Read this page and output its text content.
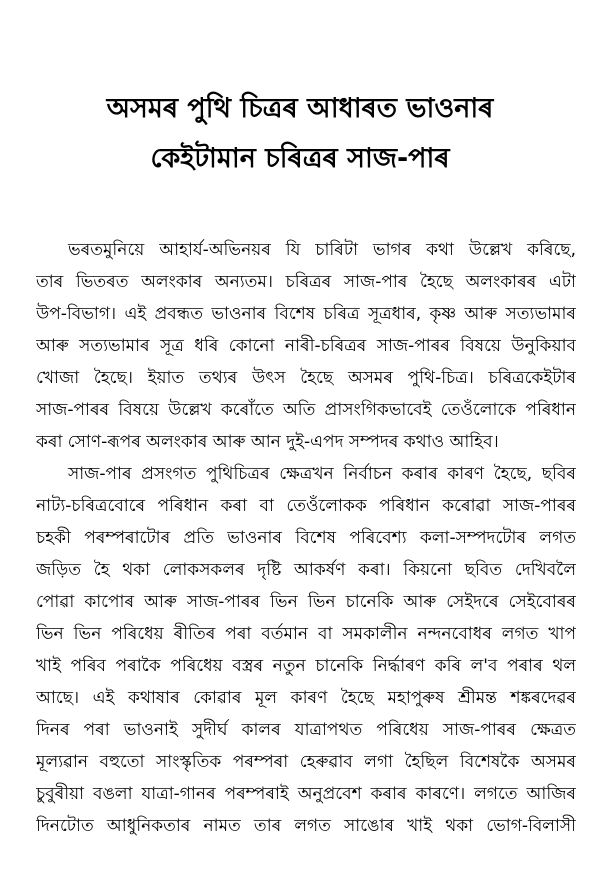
অসমৰ পুথি চিত্ৰৰ আধাৰত ভাওনাৰ
কেইটামান চৰিত্ৰৰ সাজ-পাৰ
ভৰতমুনিয়ে আহাৰ্য-অভিনয়ৰ যি চাৰিটা ভাগৰ কথা উল্লেখ কৰিছে,
তাৰ ভিতৰত অলংকাৰ অন্যতম। চৰিত্ৰৰ সাজ-পাৰ হৈছে অলংকাৰৰ এটা
উপ-বিভাগ। এই প্ৰবন্ধত ভাওনাৰ বিশেষ চৰিত্ৰ সূত্ৰধাৰ, কৃষ্ণ আৰু সত্যভামাৰ
আৰু সত্যভামাৰ সূত্ৰ ধৰি কোনো নাৰী-চৰিত্ৰৰ সাজ-পাৰৰ বিষয়ে উনুকিয়াব
খোজা হৈছে। ইয়াত তথ্যৰ উৎস হৈছে অসমৰ পুথি-চিত্ৰ। চৰিত্ৰকেইটাৰ
সাজ-পাৰৰ বিষয়ে উল্লেখ কৰোঁতে অতি প্ৰাসংগিকভাবেই তেওঁলোকে পৰিধান
কৰা সোণ-ৰূপৰ অলংকাৰ আৰু আন দুই-এপদ সম্পদৰ কথাও আহিব।
সাজ-পাৰ প্ৰসংগত পুথিচিত্ৰৰ ক্ষেত্ৰখন নিৰ্বাচন কৰাৰ কাৰণ হৈছে, ছবিৰ
নাট্য-চৰিত্ৰবোৰে পৰিধান কৰা বা তেওঁলোকক পৰিধান কৰোৱা সাজ-পাৰৰ
চহকী পৰম্পৰাটোৰ প্ৰতি ভাওনাৰ বিশেষ পৰিবেশ্য কলা-সম্পদটোৰ লগত
জড়িত হৈ থকা লোকসকলৰ দৃষ্টি আকৰ্ষণ কৰা। কিয়নো ছবিত দেখিবলৈ
পোৱা কাপোৰ আৰু সাজ-পাৰৰ ভিন ভিন চানেকি আৰু সেইদৰে সেইবোৰৰ
ভিন ভিন পৰিধেয় ৰীতিৰ পৰা বৰ্তমান বা সমকালীন নন্দনবোধৰ লগত খাপ
খাই পৰিব পৰাকৈ পৰিধেয় বস্ত্ৰৰ নতুন চানেকি নিৰ্দ্ধাৰণ কৰি ল'ব পৰাৰ থল
আছে। এই কথাষাৰ কোৱাৰ মূল কাৰণ হৈছে মহাপুৰুষ শ্ৰীমন্ত শঙ্কৰদেৱৰ
দিনৰ পৰা ভাওনাই সুদীৰ্ঘ কালৰ যাত্ৰাপথত পৰিধেয় সাজ-পাৰৰ ক্ষেত্ৰত
মূল্যৱান বহুতো সাংস্কৃতিক পৰম্পৰা হেৰুৱাব লগা হৈছিল বিশেষকৈ অসমৰ
চুবুৰীয়া বঙলা যাত্ৰা-গানৰ পৰম্পৰাই অনুপ্ৰবেশ কৰাৰ কাৰণে। লগতে আজিৰ
দিনটোত আধুনিকতাৰ নামত তাৰ লগত সাঙোৰ খাই থকা ভোগ-বিলাসী
